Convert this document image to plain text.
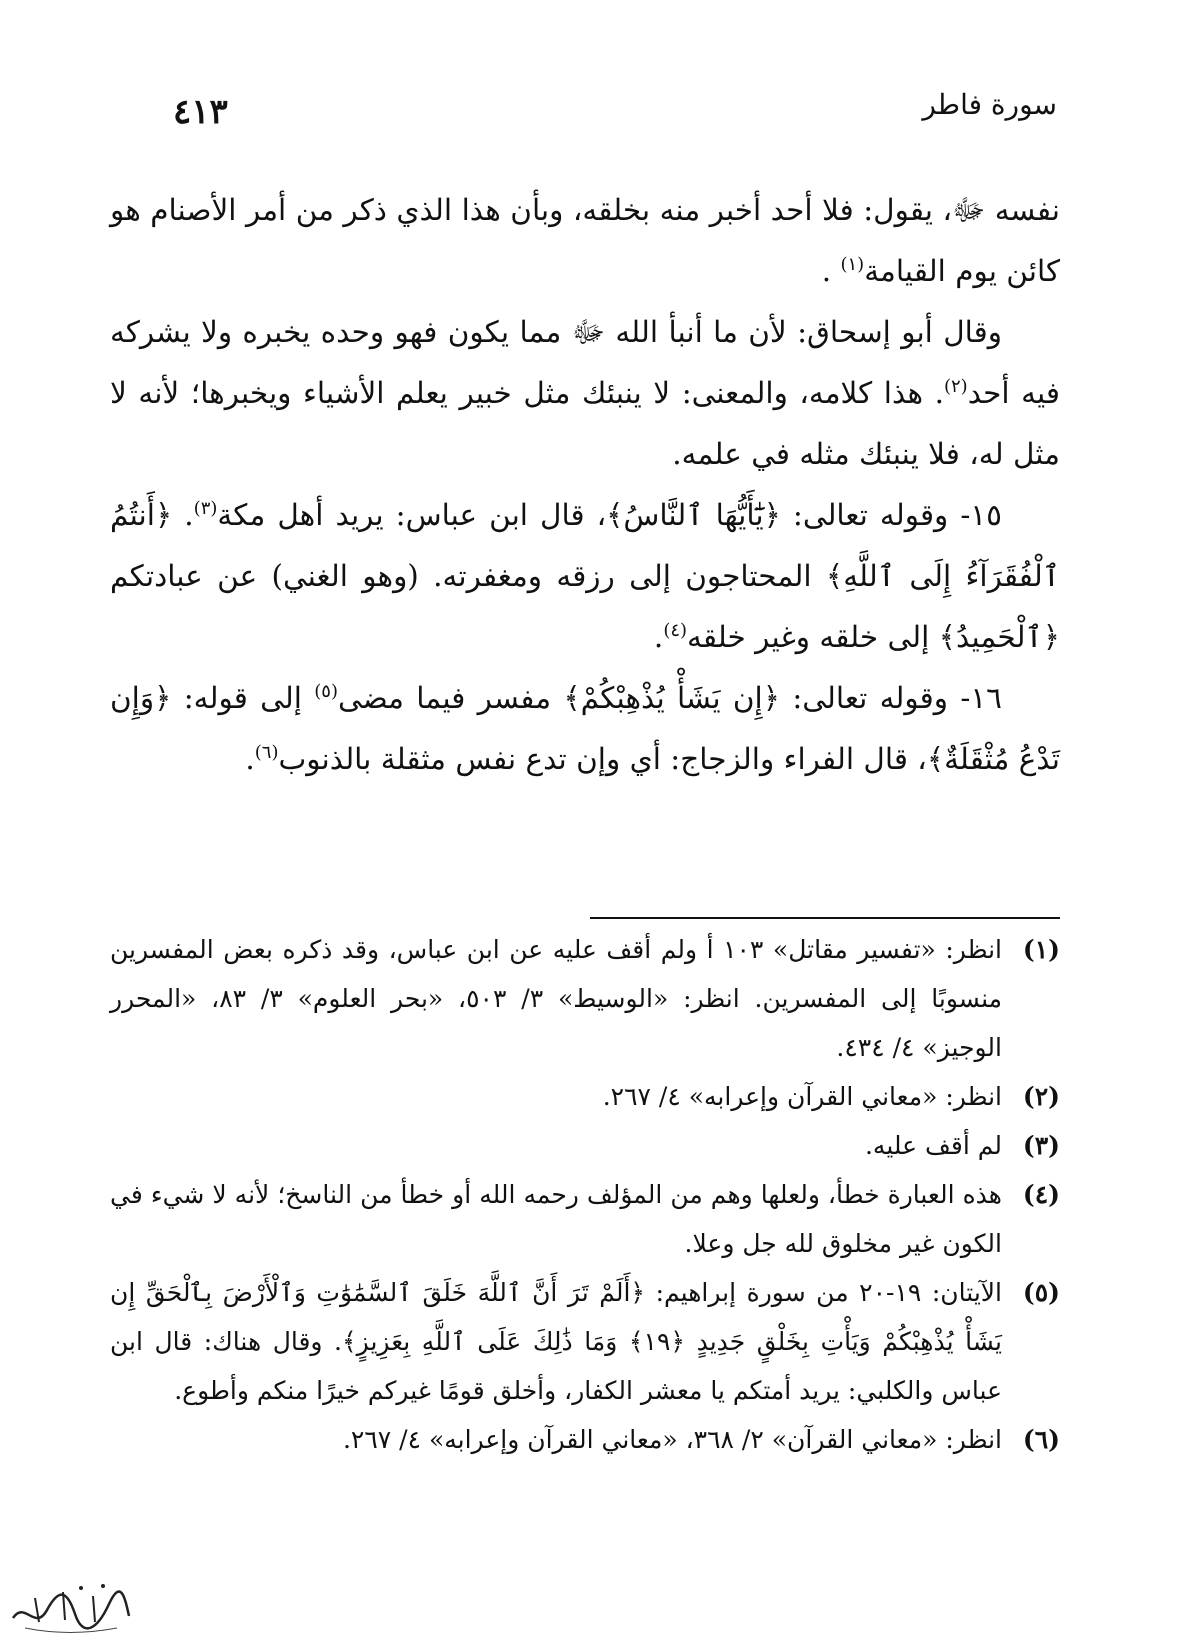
سورة فاطر
٤١٣

نفسه ﷻ، يقول: فلا أحد أخبر منه بخلقه، وبأن هذا الذي ذكر من أمر الأصنام هو كائن يوم القيامة$^{(١)}$ .

وقال أبو إسحاق: لأن ما أنبأ الله ﷻ مما يكون فهو وحده يخبره ولا يشركه فيه أحد$^{(٢)}$. هذا كلامه، والمعنى: لا ينبئك مثل خبير يعلم الأشياء ويخبرها؛ لأنه لا مثل له، فلا ينبئك مثله في علمه.

١٥- وقوله تعالى: ﴿يَٰٓأَيُّهَا ٱلنَّاسُ﴾، قال ابن عباس: يريد أهل مكة$^{(٣)}$. ﴿أَنتُمُ ٱلْفُقَرَآءُ إِلَى ٱللَّهِ﴾ المحتاجون إلى رزقه ومغفرته. (وهو الغني) عن عبادتكم ﴿ٱلْحَمِيدُ﴾ إلى خلقه وغير خلقه$^{(٤)}$.

١٦- وقوله تعالى: ﴿إِن يَشَأْ يُذْهِبْكُمْ﴾ مفسر فيما مضى$^{(٥)}$ إلى قوله: ﴿وَإِن تَدْعُ مُثْقَلَةٌ﴾، قال الفراء والزجاج: أي وإن تدع نفس مثقلة بالذنوب$^{(٦)}$.

(١)
انظر: «تفسير مقاتل» ١٠٣ أ ولم أقف عليه عن ابن عباس، وقد ذكره بعض المفسرين منسوبًا إلى المفسرين. انظر: «الوسيط» ٣/ ٥٠٣، «بحر العلوم» ٣/ ٨٣، «المحرر الوجيز» ٤/ ٤٣٤.
(٢)
انظر: «معاني القرآن وإعرابه» ٤/ ٢٦٧.
(٣)
لم أقف عليه.
(٤)
هذه العبارة خطأ، ولعلها وهم من المؤلف رحمه الله أو خطأ من الناسخ؛ لأنه لا شيء في الكون غير مخلوق لله جل وعلا.
(٥)
الآيتان: ١٩-٢٠ من سورة إبراهيم: ﴿أَلَمْ تَرَ أَنَّ ٱللَّهَ خَلَقَ ٱلسَّمَٰوَٰتِ وَٱلْأَرْضَ بِٱلْحَقِّ إِن يَشَأْ يُذْهِبْكُمْ وَيَأْتِ بِخَلْقٍ جَدِيدٍ ﴿١٩﴾ وَمَا ذَٰلِكَ عَلَى ٱللَّهِ بِعَزِيزٍ﴾. وقال هناك: قال ابن عباس والكلبي: يريد أمتكم يا معشر الكفار، وأخلق قومًا غيركم خيرًا منكم وأطوع.
(٦)
انظر: «معاني القرآن» ٢/ ٣٦٨، «معاني القرآن وإعرابه» ٤/ ٢٦٧.
